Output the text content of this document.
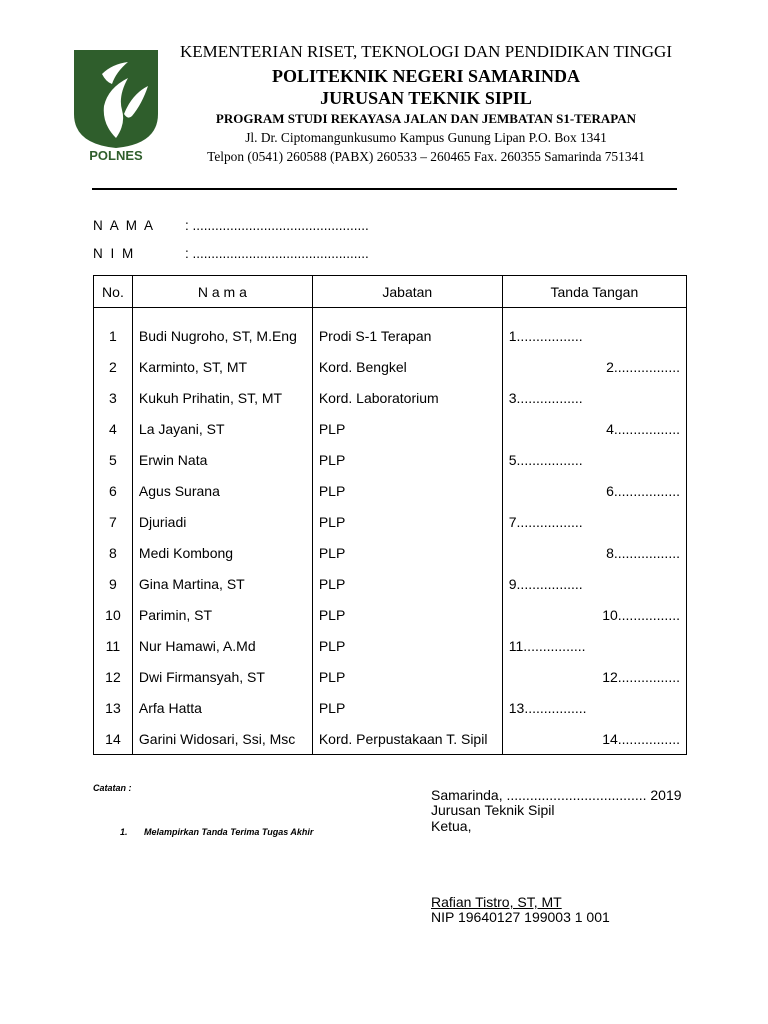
POLNES
KEMENTERIAN RISET, TEKNOLOGI DAN PENDIDIKAN TINGGI
POLITEKNIK NEGERI SAMARINDA
JURUSAN TEKNIK SIPIL
PROGRAM STUDI REKAYASA JALAN DAN JEMBATAN S1-TERAPAN
Jl. Dr. Ciptomangunkusumo Kampus Gunung Lipan P.O. Box 1341
Telpon (0541) 260588 (PABX) 260533 – 260465 Fax. 260355 Samarinda 751341
N A M A : ...............................................
N I M	: ...............................................
No.	N a m a	Jabatan	Tanda Tangan

1	Budi Nugroho, ST, M.Eng	Prodi S-1 Terapan	1.................
2	Karminto, ST, MT	Kord. Bengkel	2.................
3	Kukuh Prihatin, ST, MT	Kord. Laboratorium	3.................
4	La Jayani, ST	PLP	4.................
5	Erwin Nata	PLP	5.................
6	Agus Surana	PLP	6.................
7	Djuriadi	PLP	7.................
8	Medi Kombong	PLP	8.................
9	Gina Martina, ST	PLP	9.................
10	Parimin, ST	PLP	10................
11	Nur Hamawi, A.Md	PLP	11................
12	Dwi Firmansyah, ST	PLP	12................
13	Arfa Hatta	PLP	13................
14	Garini Widosari, Ssi, Msc	Kord. Perpustakaan T. Sipil	14................
Catatan :
1. Melampirkan Tanda Terima Tugas Akhir
Samarinda, .................................... 2019
Jurusan Teknik Sipil
Ketua,
Rafian Tistro, ST, MT
NIP 19640127 199003 1 001
